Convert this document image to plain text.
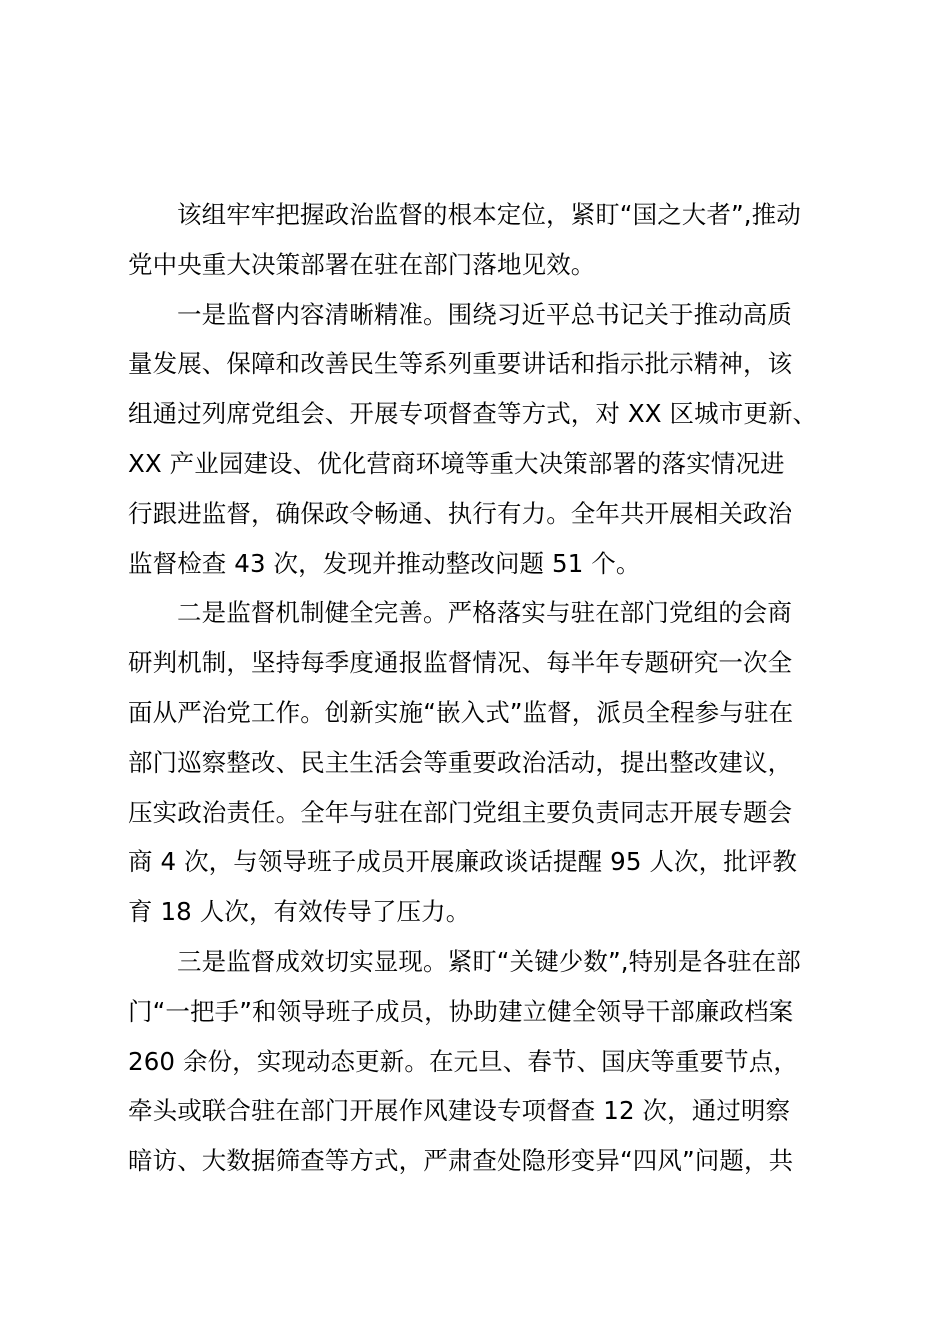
该组牢牢把握政治监督的根本定位，紧盯“国之大者”,推动
党中央重大决策部署在驻在部门落地见效。
一是监督内容清晰精准。围绕习近平总书记关于推动高质
量发展、保障和改善民生等系列重要讲话和指示批示精神，该
组通过列席党组会、开展专项督查等方式，对 XX 区城市更新、
XX 产业园建设、优化营商环境等重大决策部署的落实情况进
行跟进监督，确保政令畅通、执行有力。全年共开展相关政治
监督检查 43 次，发现并推动整改问题 51 个。
二是监督机制健全完善。严格落实与驻在部门党组的会商
研判机制，坚持每季度通报监督情况、每半年专题研究一次全
面从严治党工作。创新实施“嵌入式”监督，派员全程参与驻在
部门巡察整改、民主生活会等重要政治活动，提出整改建议，
压实政治责任。全年与驻在部门党组主要负责同志开展专题会
商 4 次，与领导班子成员开展廉政谈话提醒 95 人次，批评教
育 18 人次，有效传导了压力。
三是监督成效切实显现。紧盯“关键少数”,特别是各驻在部
门“一把手”和领导班子成员，协助建立健全领导干部廉政档案
260 余份，实现动态更新。在元旦、春节、国庆等重要节点，
牵头或联合驻在部门开展作风建设专项督查 12 次，通过明察
暗访、大数据筛查等方式，严肃查处隐形变异“四风”问题，共
